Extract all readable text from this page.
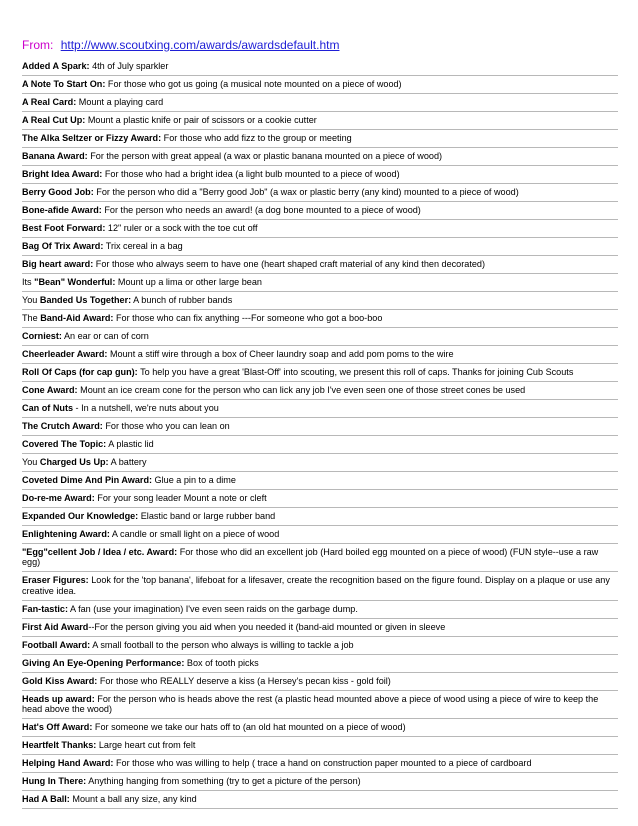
From: http://www.scoutxing.com/awards/awardsdefault.htm
Added A Spark: 4th of July sparkler
A Note To Start On: For those who got us going (a musical note mounted on a piece of wood)
A Real Card: Mount a playing card
A Real Cut Up: Mount a plastic knife or pair of scissors or a cookie cutter
The Alka Seltzer or Fizzy Award: For those who add fizz to the group or meeting
Banana Award: For the person with great appeal (a wax or plastic banana mounted on a piece of wood)
Bright Idea Award: For those who had a bright idea (a light bulb mounted to a piece of wood)
Berry Good Job: For the person who did a "Berry good Job" (a wax or plastic berry (any kind) mounted to a piece of wood)
Bone-afide Award: For the person who needs an award! (a dog bone mounted to a piece of wood)
Best Foot Forward: 12" ruler or a sock with the toe cut off
Bag Of Trix Award: Trix cereal in a bag
Big heart award: For those who always seem to have one (heart shaped craft material of any kind then decorated)
Its "Bean" Wonderful: Mount up a lima or other large bean
You Banded Us Together: A bunch of rubber bands
The Band-Aid Award: For those who can fix anything ---For someone who got a boo-boo
Corniest: An ear or can of corn
Cheerleader Award: Mount a stiff wire through a box of Cheer laundry soap and add pom poms to the wire
Roll Of Caps (for cap gun): To help you have a great 'Blast-Off' into scouting, we present this roll of caps. Thanks for joining Cub Scouts
Cone Award: Mount an ice cream cone for the person who can lick any job I've even seen one of those street cones be used
Can of Nuts - In a nutshell, we're nuts about you
The Crutch Award: For those who you can lean on
Covered The Topic: A plastic lid
You Charged Us Up: A battery
Coveted Dime And Pin Award: Glue a pin to a dime
Do-re-me Award: For your song leader Mount a note or cleft
Expanded Our Knowledge: Elastic band or large rubber band
Enlightening Award: A candle or small light on a piece of wood
"Egg"cellent Job / Idea / etc. Award: For those who did an excellent job (Hard boiled egg mounted on a piece of wood) (FUN style--use a raw egg)
Eraser Figures: Look for the 'top banana', lifeboat for a lifesaver, create the recognition based on the figure found. Display on a plaque or use any creative idea.
Fan-tastic: A fan (use your imagination) I've even seen raids on the garbage dump.
First Aid Award--For the person giving you aid when you needed it (band-aid mounted or given in sleeve
Football Award: A small football to the person who always is willing to tackle a job
Giving An Eye-Opening Performance: Box of tooth picks
Gold Kiss Award: For those who REALLY deserve a kiss (a Hersey's pecan kiss - gold foil)
Heads up award: For the person who is heads above the rest (a plastic head mounted above a piece of wood using a piece of wire to keep the head above the wood)
Hat's Off Award: For someone we take our hats off to (an old hat mounted on a piece of wood)
Heartfelt Thanks: Large heart cut from felt
Helping Hand Award: For those who was willing to help ( trace a hand on construction paper mounted to a piece of cardboard
Hung In There: Anything hanging from something (try to get a picture of the person)
Had A Ball: Mount a ball any size, any kind
